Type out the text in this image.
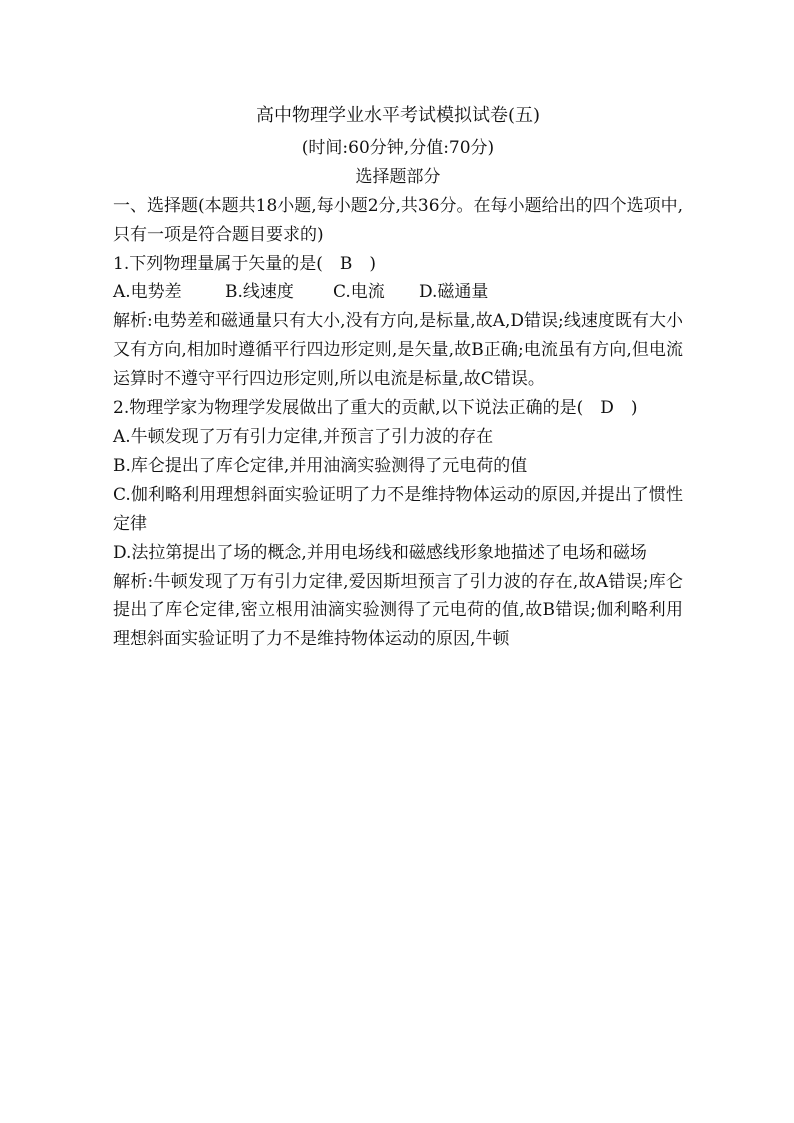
高中物理学业水平考试模拟试卷(五)
(时间:60分钟,分值:70分)
选择题部分

一、选择题(本题共18小题,每小题2分,共36分。在每小题给出的四个选项中,只有一项是符合题目要求的)

1.下列物理量属于矢量的是(　B　)

A.电势差	B.线速度 C.电流 D.磁通量

解析:电势差和磁通量只有大小,没有方向,是标量,故A,D错误;线速度既有大小又有方向,相加时遵循平行四边形定则,是矢量,故B正确;电流虽有方向,但电流运算时不遵守平行四边形定则,所以电流是标量,故C错误。

2.物理学家为物理学发展做出了重大的贡献,以下说法正确的是(　D　)

A.牛顿发现了万有引力定律,并预言了引力波的存在

B.库仑提出了库仑定律,并用油滴实验测得了元电荷的值

C.伽利略利用理想斜面实验证明了力不是维持物体运动的原因,并提出了惯性定律

D.法拉第提出了场的概念,并用电场线和磁感线形象地描述了电场和磁场

解析:牛顿发现了万有引力定律,爱因斯坦预言了引力波的存在,故A错误;库仑提出了库仑定律,密立根用油滴实验测得了元电荷的值,故B错误;伽利略利用理想斜面实验证明了力不是维持物体运动的原因,牛顿
